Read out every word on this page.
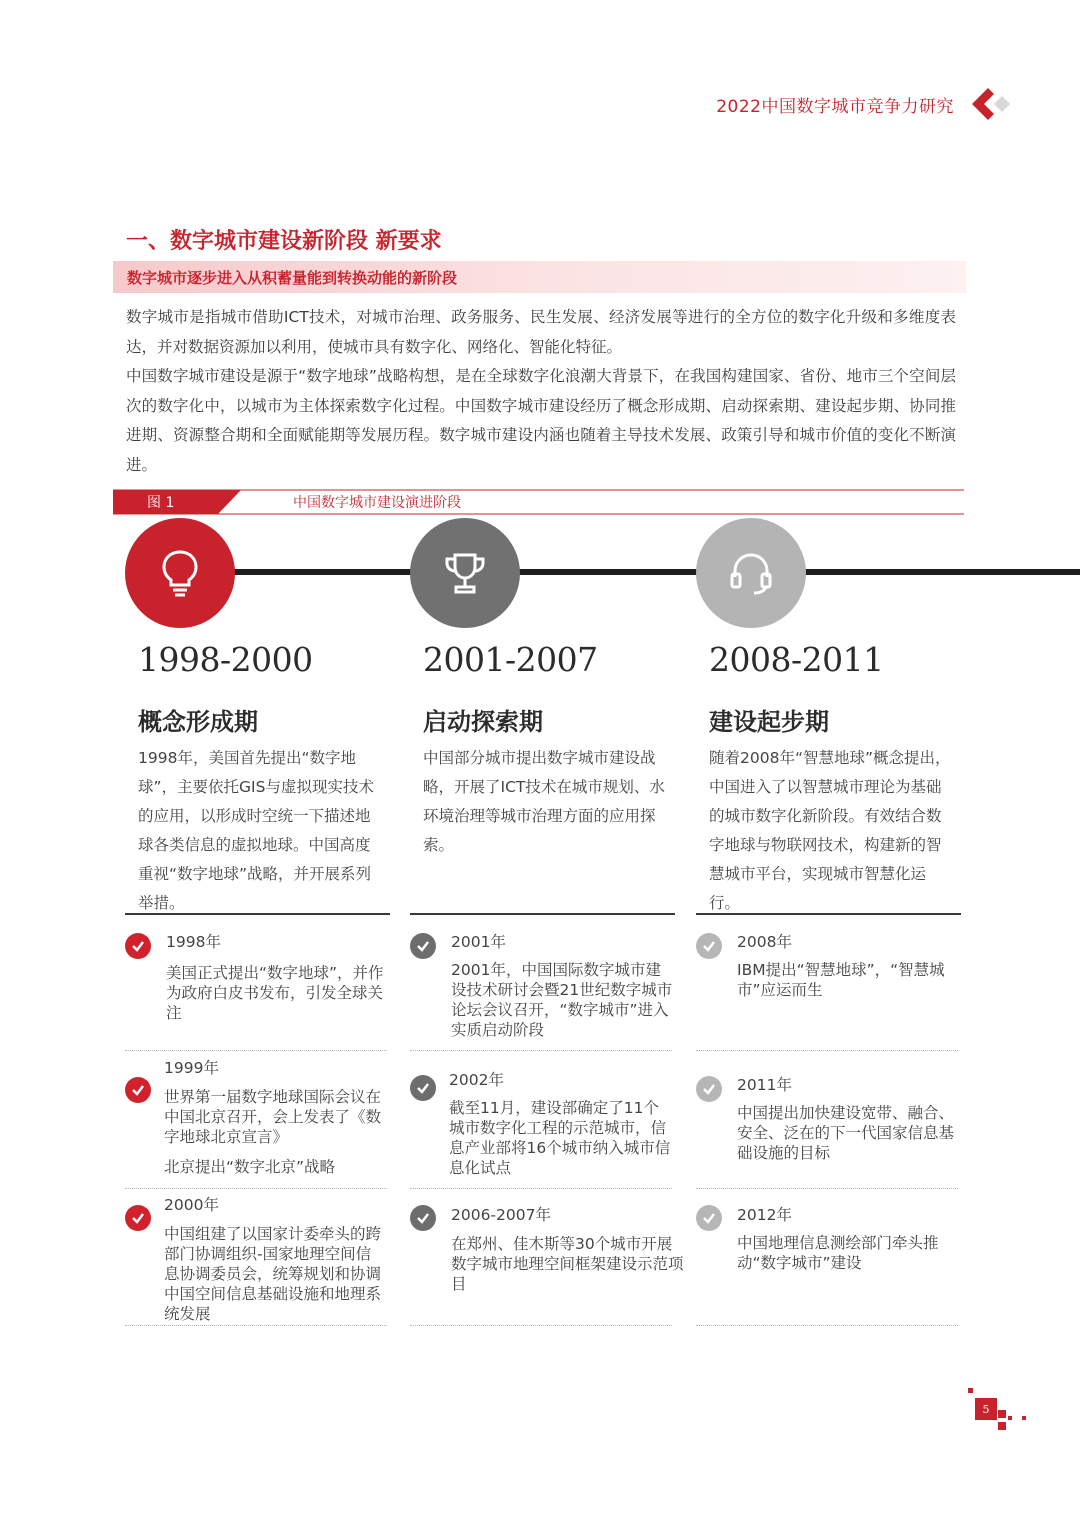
2022中国数字城市竞争力研究
一、数字城市建设新阶段 新要求
数字城市逐步进入从积蓄量能到转换动能的新阶段
数字城市是指城市借助ICT技术，对城市治理、政务服务、民生发展、经济发展等进行的全方位的数字化升级和多维度表达，并对数据资源加以利用，使城市具有数字化、网络化、智能化特征。
中国数字城市建设是源于“数字地球”战略构想，是在全球数字化浪潮大背景下，在我国构建国家、省份、地市三个空间层次的数字化中，以城市为主体探索数字化过程。中国数字城市建设经历了概念形成期、启动探索期、建设起步期、协同推进期、资源整合期和全面赋能期等发展历程。数字城市建设内涵也随着主导技术发展、政策引导和城市价值的变化不断演进。
图 1	中国数字城市建设演进阶段
1998-2000
概念形成期
1998年，美国首先提出“数字地球”，主要依托GIS与虚拟现实技术的应用，以形成时空统一下描述地球各类信息的虚拟地球。中国高度重视“数字地球”战略，并开展系列举措。
1998年
美国正式提出“数字地球”，并作为政府白皮书发布，引发全球关注
1999年
世界第一届数字地球国际会议在中国北京召开，会上发表了《数字地球北京宣言》
北京提出“数字北京”战略
2000年
中国组建了以国家计委牵头的跨部门协调组织-国家地理空间信息协调委员会，统筹规划和协调中国空间信息基础设施和地理系统发展
2001-2007
启动探索期
中国部分城市提出数字城市建设战略，开展了ICT技术在城市规划、水环境治理等城市治理方面的应用探索。
2001年
2001年，中国国际数字城市建设技术研讨会暨21世纪数字城市论坛会议召开，“数字城市”进入实质启动阶段
2002年
截至11月，建设部确定了11个城市数字化工程的示范城市，信息产业部将16个城市纳入城市信息化试点
2006-2007年
在郑州、佳木斯等30个城市开展数字城市地理空间框架建设示范项目
2008-2011
建设起步期
随着2008年“智慧地球”概念提出，中国进入了以智慧城市理论为基础的城市数字化新阶段。有效结合数字地球与物联网技术，构建新的智慧城市平台，实现城市智慧化运行。
2008年
IBM提出“智慧地球”，“智慧城市”应运而生
2011年
中国提出加快建设宽带、融合、安全、泛在的下一代国家信息基础设施的目标
2012年
中国地理信息测绘部门牵头推动“数字城市”建设
5
